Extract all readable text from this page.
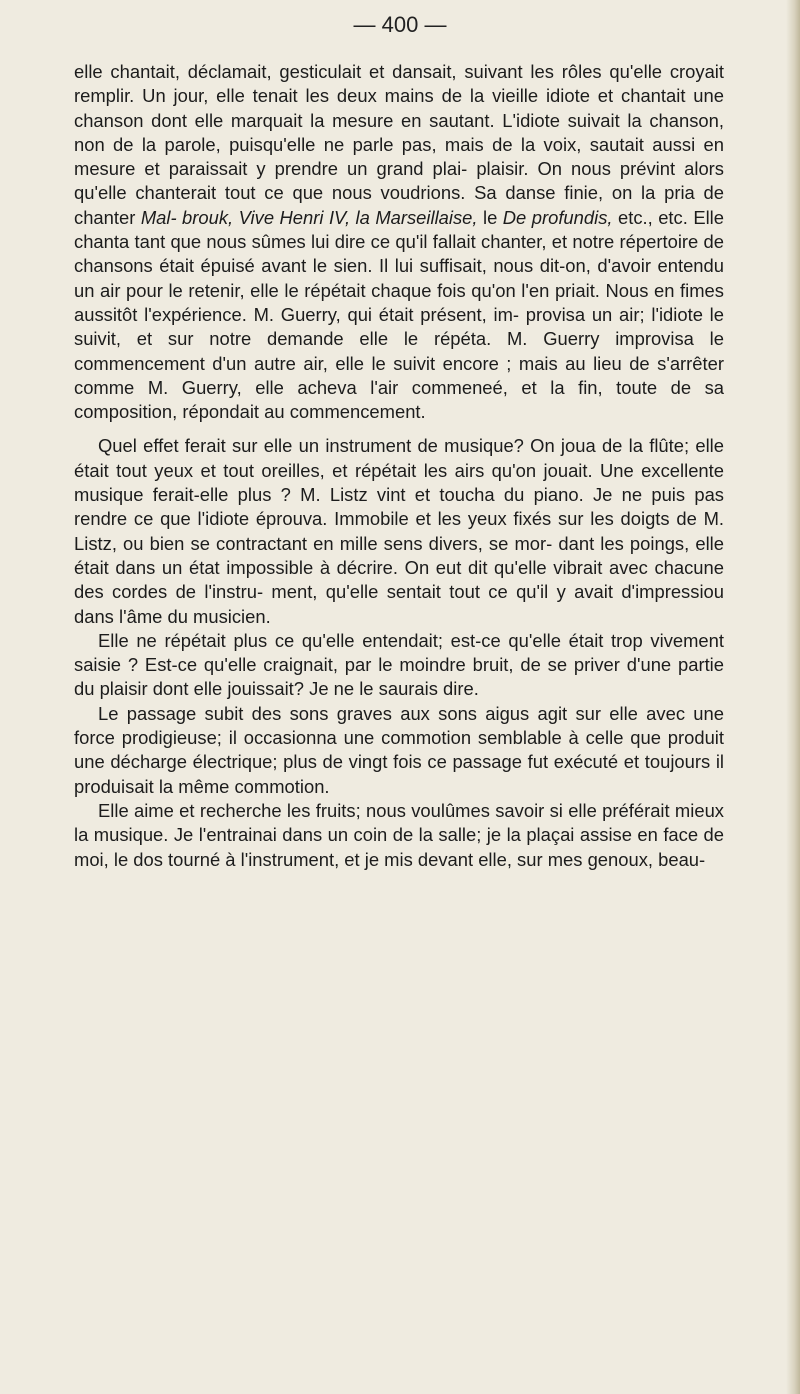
— 400 —

elle chantait, déclamait, gesticulait et dansait, suivant les rôles qu'elle croyait remplir. Un jour, elle tenait les deux mains de la vieille idiote et chantait une chanson dont elle marquait la mesure en sautant. L'idiote suivait la chanson, non de la parole, puisqu'elle ne parle pas, mais de la voix, sautait aussi en mesure et paraissait y prendre un grand plai- plaisir. On nous prévint alors qu'elle chanterait tout ce que nous voudrions. Sa danse finie, on la pria de chanter Mal- brouk, Vive Henri IV, la Marseillaise, le De profundis, etc., etc. Elle chanta tant que nous sûmes lui dire ce qu'il fallait chanter, et notre répertoire de chansons était épuisé avant le sien. Il lui suffisait, nous dit-on, d'avoir entendu un air pour le retenir, elle le répétait chaque fois qu'on l'en priait. Nous en fimes aussitôt l'expérience. M. Guerry, qui était présent, im- provisa un air; l'idiote le suivit, et sur notre demande elle le répéta. M. Guerry improvisa le commencement d'un autre air, elle le suivit encore ; mais au lieu de s'arrêter comme M. Guerry, elle acheva l'air commeneé, et la fin, toute de sa composition, répondait au commencement.

Quel effet ferait sur elle un instrument de musique? On joua de la flûte; elle était tout yeux et tout oreilles, et répétait les airs qu'on jouait. Une excellente musique ferait-elle plus ? M. Listz vint et toucha du piano. Je ne puis pas rendre ce que l'idiote éprouva. Immobile et les yeux fixés sur les doigts de M. Listz, ou bien se contractant en mille sens divers, se mor- dant les poings, elle était dans un état impossible à décrire. On eut dit qu'elle vibrait avec chacune des cordes de l'instru- ment, qu'elle sentait tout ce qu'il y avait d'impressiou dans l'âme du musicien.

Elle ne répétait plus ce qu'elle entendait; est-ce qu'elle était trop vivement saisie ? Est-ce qu'elle craignait, par le moindre bruit, de se priver d'une partie du plaisir dont elle jouissait? Je ne le saurais dire.

Le passage subit des sons graves aux sons aigus agit sur elle avec une force prodigieuse; il occasionna une commotion semblable à celle que produit une décharge électrique; plus de vingt fois ce passage fut exécuté et toujours il produisait la même commotion.

Elle aime et recherche les fruits; nous voulûmes savoir si elle préférait mieux la musique. Je l'entrainai dans un coin de la salle; je la plaçai assise en face de moi, le dos tourné à l'instrument, et je mis devant elle, sur mes genoux, beau-
